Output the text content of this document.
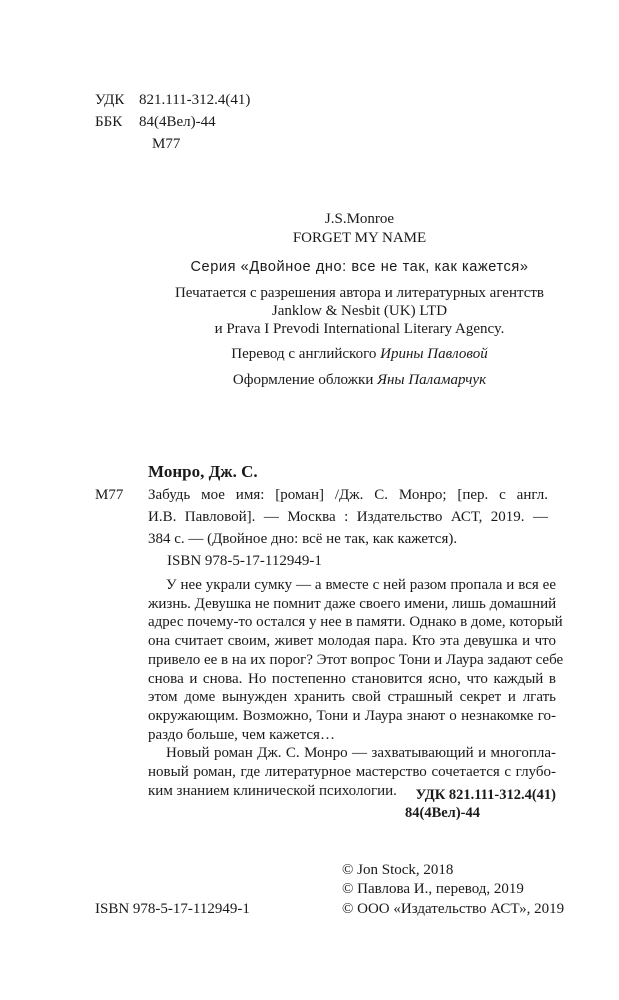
УДК 821.111-312.4(41)
ББК 84(4Вел)-44
М77
J.S.Monroe
FORGET MY NAME
Серия «Двойное дно: все не так, как кажется»
Печатается с разрешения автора и литературных агентств
Janklow & Nesbit (UK) LTD
и Prava I Prevodi International Literary Agency.
Перевод с английского Ирины Павловой
Оформление обложки Яны Паламарчук
Монро, Дж. С.
М77 Забудь мое имя: [роман] /Дж. С. Монро; [пер. с англ.
И.В. Павловой]. — Москва : Издательство АСТ, 2019. —
384 с. — (Двойное дно: всё не так, как кажется).
ISBN 978-5-17-112949-1
У нее украли сумку — а вместе с ней разом пропала и вся ее
жизнь. Девушка не помнит даже своего имени, лишь домашний
адрес почему-то остался у нее в памяти. Однако в доме, который
она считает своим, живет молодая пара. Кто эта девушка и что
привело ее в на их порог? Этот вопрос Тони и Лаура задают себе
снова и снова. Но постепенно становится ясно, что каждый в
этом доме вынужден хранить свой страшный секрет и лгать
окружающим. Возможно, Тони и Лаура знают о незнакомке го-
раздо больше, чем кажется…
Новый роман Дж. С. Монро — захватывающий и многопла-
УДК 821.111-312.4(41)
84(4Вел)-44
© Jon Stock, 2018
© Павлова И., перевод, 2019
© ООО «Издательство АСТ», 2019
ISBN 978-5-17-112949-1
новый роман, где литературное мастерство сочетается с глубо-
ким знанием клинической психологии.
